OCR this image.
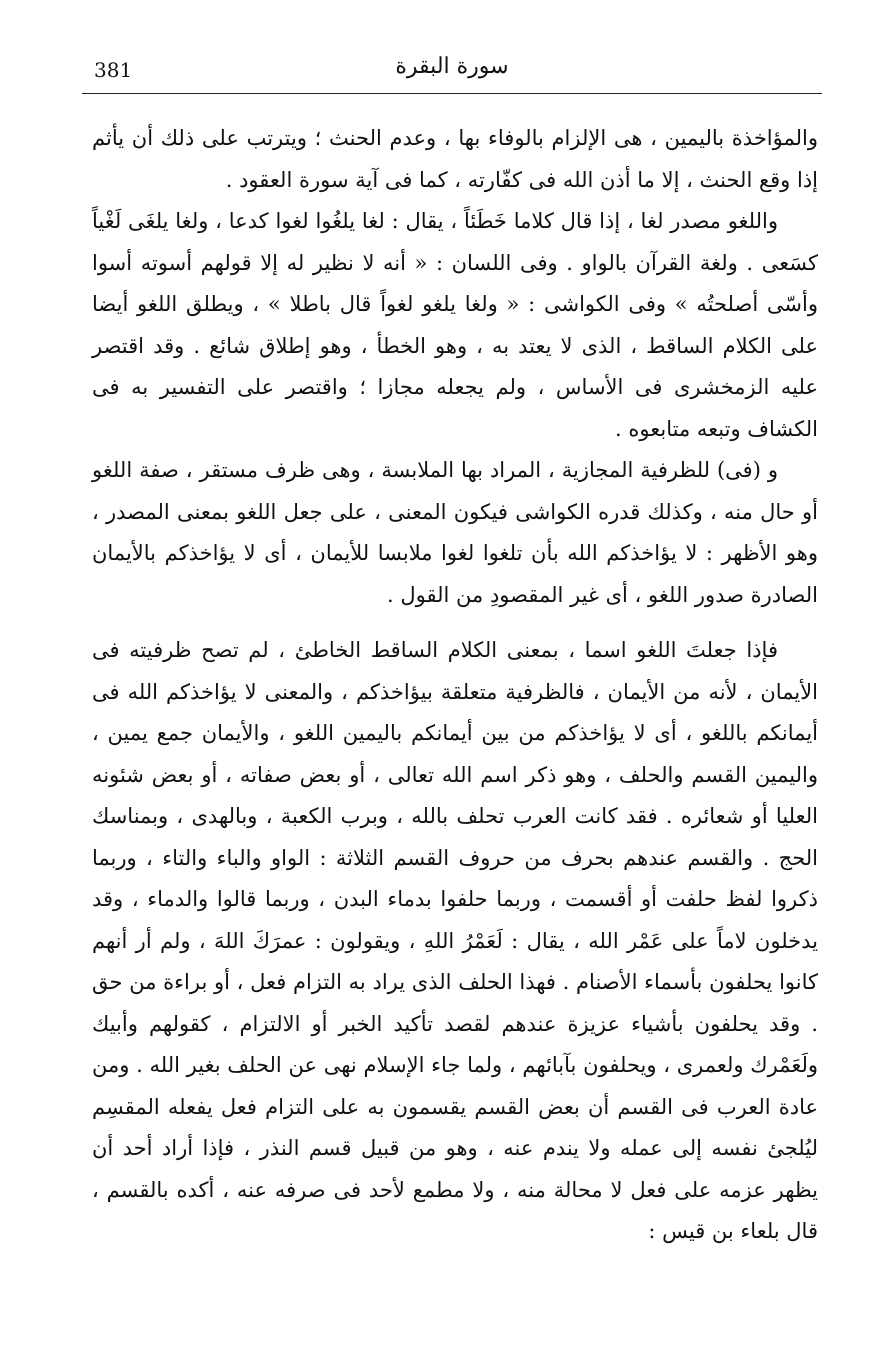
381	سورة البقرة

والمؤاخذة باليمين ، هى الإلزام بالوفاء بها ، وعدم الحنث ؛ ويترتب على ذلك أن يأثم إذا وقع الحنث ، إلا ما أذن الله فى كفّارته ، كما فى آية سورة العقود .

واللغو مصدر لغا ، إذا قال كلاما خَطَئاً ، يقال : لغا يلغُوا لغوا كدعا ، ولغا يلغَى لَغْياً كسَعى . ولغة القرآن بالواو . وفى اللسان : « أنه لا نظير له إلا قولهم أسوته أسوا وأسّى أصلحتُه » وفى الكواشى : « ولغا يلغو لغواً قال باطلا » ، ويطلق اللغو أيضا على الكلام الساقط ، الذى لا يعتد به ، وهو الخطأ ، وهو إطلاق شائع . وقد اقتصر عليه الزمخشرى فى الأساس ، ولم يجعله مجازا ؛ واقتصر على التفسير به فى الكشاف وتبعه متابعوه .

و (فى) للظرفية المجازية ، المراد بها الملابسة ، وهى ظرف مستقر ، صفة اللغو أو حال منه ، وكذلك قدره الكواشى فيكون المعنى ، على جعل اللغو بمعنى المصدر ، وهو الأظهر : لا يؤاخذكم الله بأن تلغوا لغوا ملابسا للأيمان ، أى لا يؤاخذكم بالأيمان الصادرة صدور اللغو ، أى غير المقصودِ من القول .

فإذا جعلتَ اللغو اسما ، بمعنى الكلام الساقط الخاطئ ، لم تصح ظرفيته فى الأيمان ، لأنه من الأيمان ، فالظرفية متعلقة بيؤاخذكم ، والمعنى لا يؤاخذكم الله فى أيمانكم باللغو ، أى لا يؤاخذكم من بين أيمانكم باليمين اللغو ، والأيمان جمع يمين ، واليمين القسم والحلف ، وهو ذكر اسم الله تعالى ، أو بعض صفاته ، أو بعض شئونه العليا أو شعائره . فقد كانت العرب تحلف بالله ، وبرب الكعبة ، وبالهدى ، وبمناسك الحج . والقسم عندهم بحرف من حروف القسم الثلاثة : الواو والباء والتاء ، وربما ذكروا لفظ حلفت أو أقسمت ، وربما حلفوا بدماء البدن ، وربما قالوا والدماء ، وقد يدخلون لاماً على عَمْر الله ، يقال : لَعَمْرُ اللهِ ، ويقولون : عمرَكَ اللهَ ، ولم أر أنهم كانوا يحلفون بأسماء الأصنام . فهذا الحلف الذى يراد به التزام فعل ، أو براءة من حق . وقد يحلفون بأشياء عزيزة عندهم لقصد تأكيد الخبر أو الالتزام ، كقولهم وأبيك ولَعَمْرك ولعمرى ، ويحلفون بآبائهم ، ولما جاء الإسلام نهى عن الحلف بغير الله . ومن عادة العرب فى القسم أن بعض القسم يقسمون به على التزام فعل يفعله المقسِم ليُلجئ نفسه إلى عمله ولا يندم عنه ، وهو من قبيل قسم النذر ، فإذا أراد أحد أن يظهر عزمه على فعل لا محالة منه ، ولا مطمع لأحد فى صرفه عنه ، أكده بالقسم ، قال بلعاء بن قيس :
